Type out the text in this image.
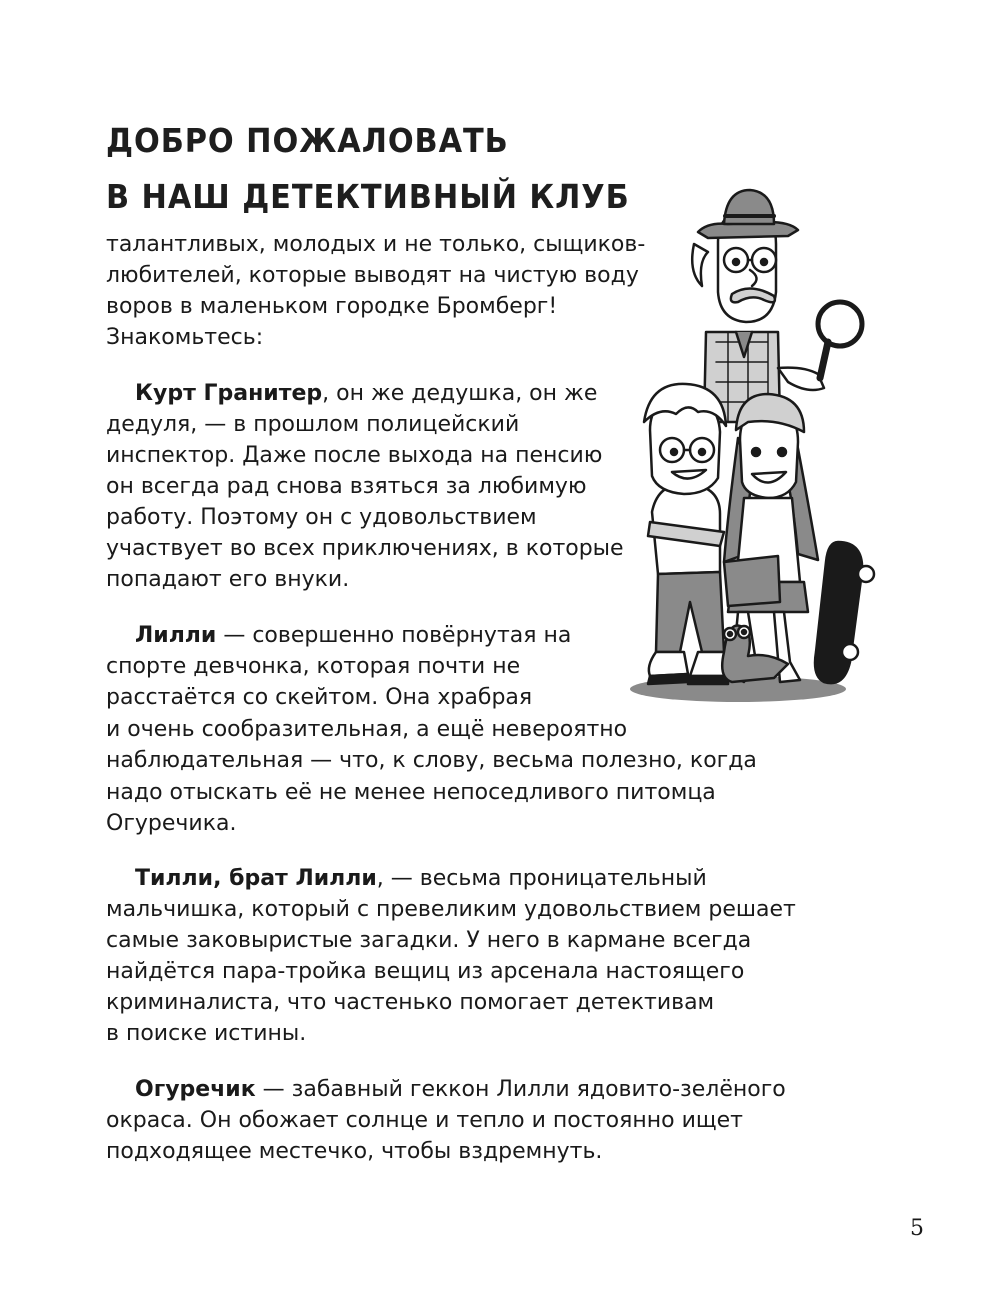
ДОБРО ПОЖАЛОВАТЬ
В НАШ ДЕТЕКТИВНЫЙ КЛУБ
талантливых, молодых и не только, сыщиков-
любителей, которые выводят на чистую воду
воров в маленьком городке Бромберг!
Знакомьтесь:
Курт Гранитер, он же дедушка, он же
дедуля, — в прошлом полицейский
инспектор. Даже после выхода на пенсию
он всегда рад снова взяться за любимую
работу. Поэтому он с удовольствием
участвует во всех приключениях, в которые
попадают его внуки.
Лилли — совершенно повёрнутая на
спорте девчонка, которая почти не
расстаётся со скейтом. Она храбрая
и очень сообразительная, а ещё невероятно
наблюдательная — что, к слову, весьма полезно, когда
надо отыскать её не менее непоседливого питомца
Огуречика.
Тилли, брат Лилли, — весьма проницательный
мальчишка, который с превеликим удовольствием решает
самые заковыристые загадки. У него в кармане всегда
найдётся пара-тройка вещиц из арсенала настоящего
криминалиста, что частенько помогает детективам
в поиске истины.
Огуречик — забавный геккон Лилли ядовито-зелёного
окраса. Он обожает солнце и тепло и постоянно ищет
подходящее местечко, чтобы вздремнуть.
5
